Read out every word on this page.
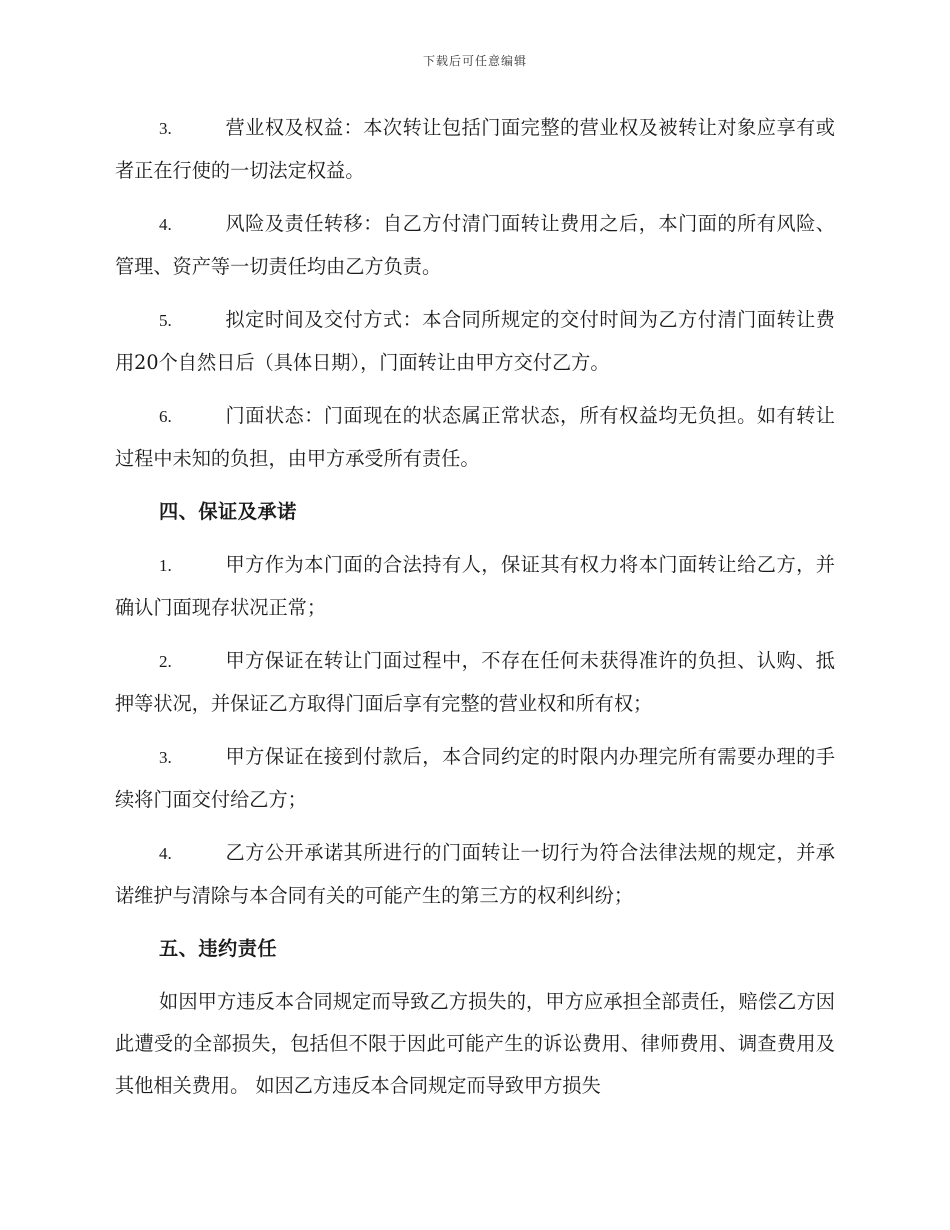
下载后可任意编辑
3.	营业权及权益：本次转让包括门面完整的营业权及被转让对象应享有或者正在行使的一切法定权益。
4.	风险及责任转移：自乙方付清门面转让费用之后，本门面的所有风险、管理、资产等一切责任均由乙方负责。
5.	拟定时间及交付方式：本合同所规定的交付时间为乙方付清门面转让费用20个自然日后（具体日期），门面转让由甲方交付乙方。
6.	门面状态：门面现在的状态属正常状态，所有权益均无负担。如有转让过程中未知的负担，由甲方承受所有责任。
四、保证及承诺
1.	甲方作为本门面的合法持有人，保证其有权力将本门面转让给乙方，并确认门面现存状况正常；
2.	甲方保证在转让门面过程中，不存在任何未获得准许的负担、认购、抵押等状况，并保证乙方取得门面后享有完整的营业权和所有权；
3.	甲方保证在接到付款后，本合同约定的时限内办理完所有需要办理的手续将门面交付给乙方；
4.	乙方公开承诺其所进行的门面转让一切行为符合法律法规的规定，并承诺维护与清除与本合同有关的可能产生的第三方的权利纠纷；
五、违约责任
如因甲方违反本合同规定而导致乙方损失的，甲方应承担全部责任，赔偿乙方因此遭受的全部损失，包括但不限于因此可能产生的诉讼费用、律师费用、调查费用及其他相关费用。 如因乙方违反本合同规定而导致甲方损失
